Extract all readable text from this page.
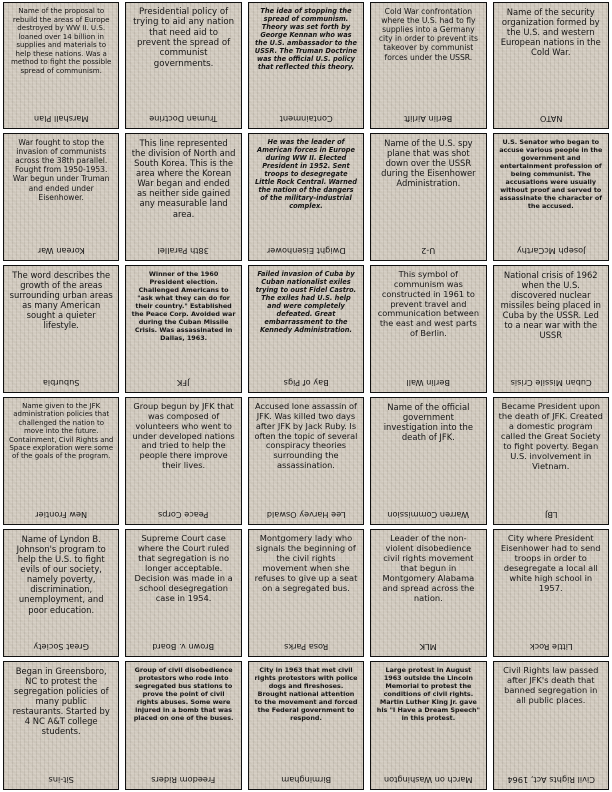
Name of the proposal to rebuild the areas of Europe destroyed by WW II. U.S. loaned over 14 billion in supplies and materials to help these nations. Was a method to fight the possible spread of communism.
Marshall Plan
Presidential policy of trying to aid any nation that need aid to prevent the spread of communist governments.
Truman Doctrine
The idea of stopping the spread of communism. Theory was set forth by George Kennan who was the U.S. ambassador to the USSR. The Truman Doctrine was the official U.S. policy that reflected this theory.
Containment
Cold War confrontation where the U.S. had to fly supplies into a Germany city in order to prevent its takeover by communist forces under the USSR.
Berlin Airlift
Name of the security organization formed by the U.S. and western European nations in the Cold War.
NATO
War fought to stop the invasion of communists across the 38th parallel. Fought from 1950-1953. War begun under Truman and ended under Eisenhower.
Korean War
This line represented the division of North and South Korea. This is the area where the Korean War began and ended as neither side gained any measurable land area.
38th Parallel
He was the leader of American forces in Europe during WW II. Elected President in 1952. Sent troops to desegregate Little Rock Central. Warned the nation of the dangers of the military-industrial complex.
Dwight Eisenhower
Name of the U.S. spy plane that was shot down over the USSR during the Eisenhower Administration.
U-2
U.S. Senator who began to accuse various people in the government and entertainment profession of being communist. The accusations were usually without proof and served to assassinate the character of the accused.
Joseph McCarthy
The word describes the growth of the areas surrounding urban areas as many American sought a quieter lifestyle.
Suburbia
Winner of the 1960 President election. Challenged Americans to "ask what they can do for their country." Established the Peace Corp. Avoided war during the Cuban Missile Crisis. Was assassinated in Dallas, 1963.
JFK
Failed invasion of Cuba by Cuban nationalist exiles trying to oust Fidel Castro. The exiles had U.S. help and were completely defeated. Great embarrassment to the Kennedy Administration.
Bay of Pigs
This symbol of communism was constructed in 1961 to prevent travel and communication between the east and west parts of Berlin.
Berlin Wall
National crisis of 1962 when the U.S. discovered nuclear missiles being placed in Cuba by the USSR. Led to a near war with the USSR
Cuban Missile Crisis
Name given to the JFK administration policies that challenged the nation to move into the future. Containment, Civil Rights and Space exploration were some of the goals of the program.
New Frontier
Group begun by JFK that was composed of volunteers who went to under developed nations and tried to help the people there improve their lives.
Peace Corps
Accused lone assassin of JFK. Was killed two days after JFK by Jack Ruby. Is often the topic of several conspiracy theories surrounding the assassination.
Lee Harvey Oswald
Name of the official government investigation into the death of JFK.
Warren Commission
Became President upon the death of JFK. Created a domestic program called the Great Society to fight poverty. Began U.S. involvement in Vietnam.
LBJ
Name of Lyndon B. Johnson's program to help the U.S. to fight evils of our society, namely poverty, discrimination, unemployment, and poor education.
Great Society
Supreme Court case where the Court ruled that segregation is no longer acceptable. Decision was made in a school desegregation case in 1954.
Brown v. Board
Montgomery lady who signals the beginning of the civil rights movement when she refuses to give up a seat on a segregated bus.
Rosa Parks
Leader of the non-violent disobedience civil rights movement that begun in Montgomery Alabama and spread across the nation.
MLK
City where President Eisenhower had to send troops in order to desegregate a local all white high school in 1957.
Little Rock
Began in Greensboro, NC to protest the segregation policies of many public restaurants. Started by 4 NC A&T college students.
Sit-ins
Group of civil disobedience protestors who rode into segregated bus stations to prove the point of civil rights abuses. Some were injured in a bomb that was placed on one of the buses.
Freedom Riders
City in 1963 that met civil rights protestors with police dogs and fireshoses. Brought national attention to the movement and forced the Federal government to respond.
Birmingham
Large protest in August 1963 outside the Lincoln Memorial to protest the conditions of civil rights. Martin Luther King Jr. gave his "I Have a Dream Speech" in this protest.
March on Washington
Civil Rights law passed after JFK's death that banned segregation in all public places.
Civil Rights Act, 1964
